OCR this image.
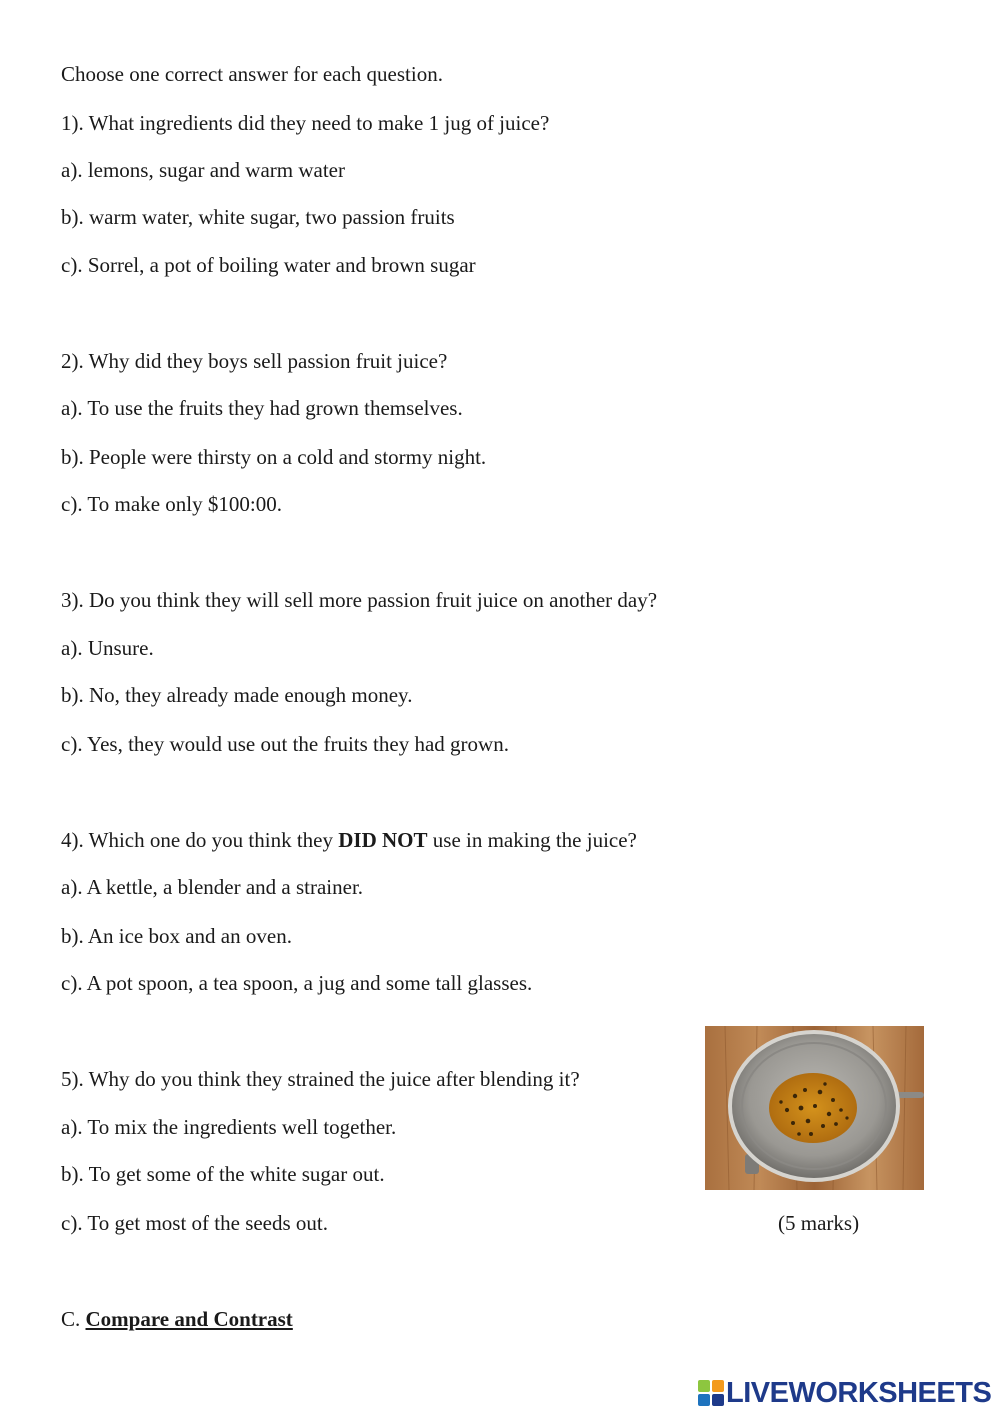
Choose one correct answer for each question.
1). What ingredients did they need to make 1 jug of juice?
a). lemons, sugar and warm water
b). warm water, white sugar, two passion fruits
c). Sorrel, a pot of boiling water and brown sugar
2). Why did they boys sell passion fruit juice?
a). To use the fruits they had grown themselves.
b). People were thirsty on a cold and stormy night.
c). To make only $100:00.
3). Do you think they will sell more passion fruit juice on another day?
a). Unsure.
b). No, they already made enough money.
c). Yes, they would use out the fruits they had grown.
4). Which one do you think they DID NOT use in making the juice?
a). A kettle, a blender and a strainer.
b). An ice box and an oven.
c). A pot spoon, a tea spoon, a jug and some tall glasses.
5). Why do you think they strained the juice after blending it?
a). To mix the ingredients well together.
b). To get some of the white sugar out.
c). To get most of the seeds out.	(5 marks)
C. Compare and Contrast
LIVEWORKSHEETS
